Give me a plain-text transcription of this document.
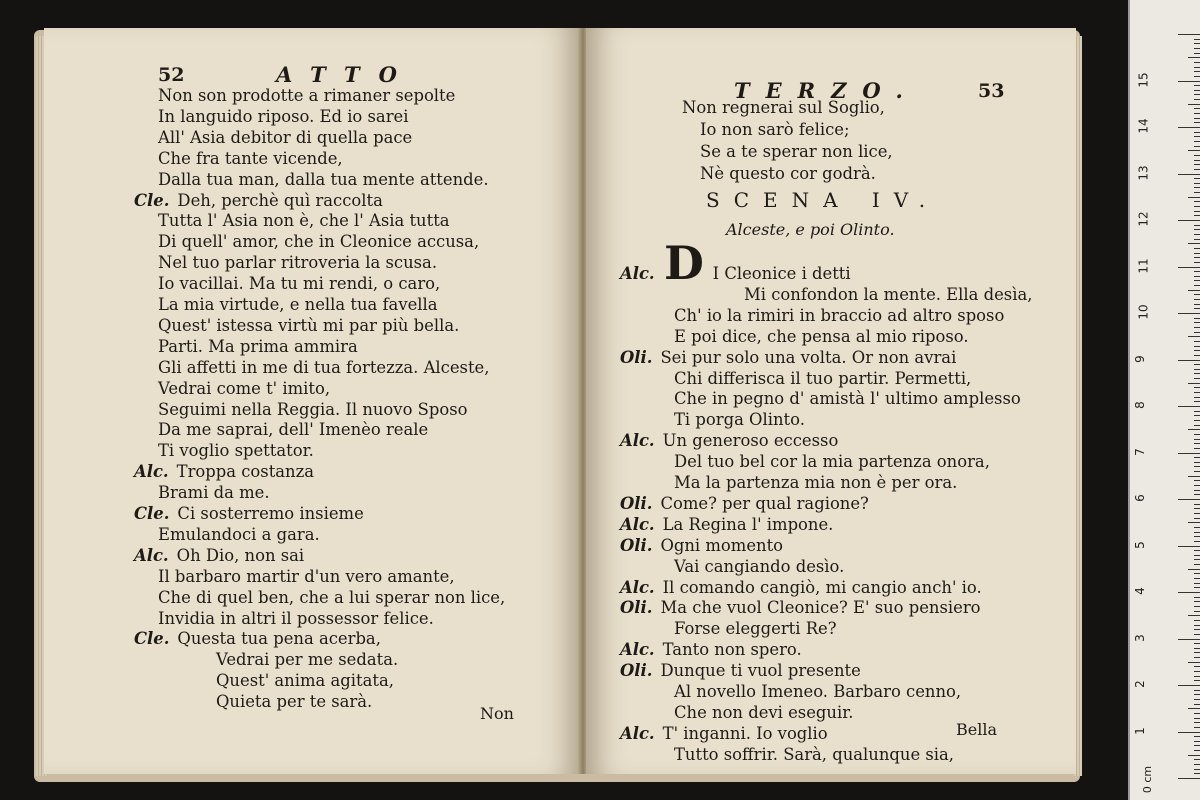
52	ATTO
Non son prodotte a rimaner sepolte
In languido riposo. Ed io sarei
All' Asia debitor di quella pace
Che fra tante vicende,
Dalla tua man, dalla tua mente attende.
Cle. Deh, perchè quì raccolta
Tutta l' Asia non è, che l' Asia tutta
Di quell' amor, che in Cleonice accusa,
Nel tuo parlar ritroveria la scusa.
Io vacillai. Ma tu mi rendi, o caro,
La mia virtude, e nella tua favella
Quest' istessa virtù mi par più bella.
Parti. Ma prima ammira
Gli affetti in me di tua fortezza. Alceste,
Vedrai come t' imito,
Seguimi nella Reggia. Il nuovo Sposo
Da me saprai, dell' Imenèo reale
Ti voglio spettator.
Alc. Troppa costanza
Brami da me.
Cle. Ci sosterremo insieme
Emulandoci a gara.
Alc. Oh Dio, non sai
Il barbaro martir d'un vero amante,
Che di quel ben, che a lui sperar non lice,
Invidia in altri il possessor felice.
Cle. Questa tua pena acerba,
Vedrai per me sedata.
Quest' anima agitata,
Quieta per te sarà.
Non
TERZO.	53
Non regnerai sul Soglio,
Io non sarò felice;
Se a te sperar non lice,
Nè questo cor godrà.
SCENA IV.
Alceste, e poi Olinto.
D
Alc.	I Cleonice i detti
Mi confondon la mente. Ella desìa,
Ch' io la rimiri in braccio ad altro sposo
E poi dice, che pensa al mio riposo.
Oli. Sei pur solo una volta. Or non avrai
Chi differisca il tuo partir. Permetti,
Che in pegno d' amistà l' ultimo amplesso
Ti porga Olinto.
Alc. Un generoso eccesso
Del tuo bel cor la mia partenza onora,
Ma la partenza mia non è per ora.
Oli. Come? per qual ragione?
Alc. La Regina l' impone.
Oli. Ogni momento
Vai cangiando desìo.
Alc. Il comando cangiò, mi cangio anch' io.
Oli. Ma che vuol Cleonice? E' suo pensiero
Forse eleggerti Re?
Alc. Tanto non spero.
Oli. Dunque ti vuol presente
Al novello Imeneo. Barbaro cenno,
Che non devi eseguir.
Alc. T' inganni. Io voglio
Tutto soffrir. Sarà, qualunque sia,
Bella	1
2
3
4
5
6
7
8
9
10
11
12
13
14
15
0 cm
